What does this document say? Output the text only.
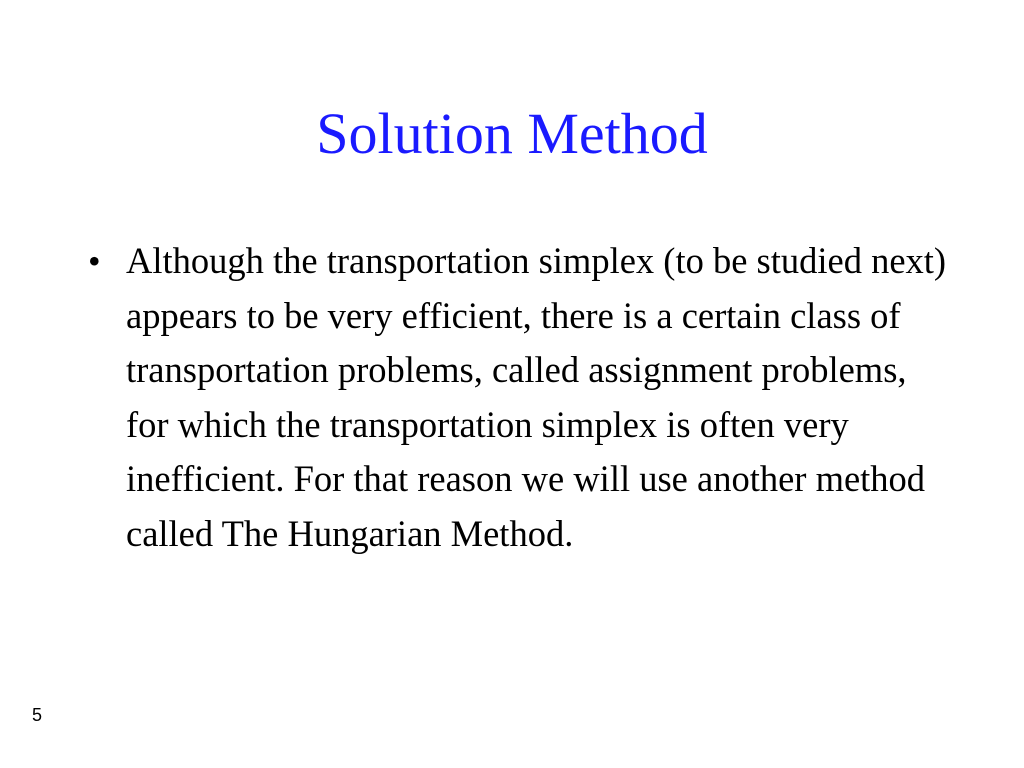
Solution Method
• Although the transportation simplex (to be studied next) appears to be very efficient, there is a certain class of transportation problems, called assignment problems, for which the transportation simplex is often very inefficient. For that reason we will use another method called The Hungarian Method.
5
